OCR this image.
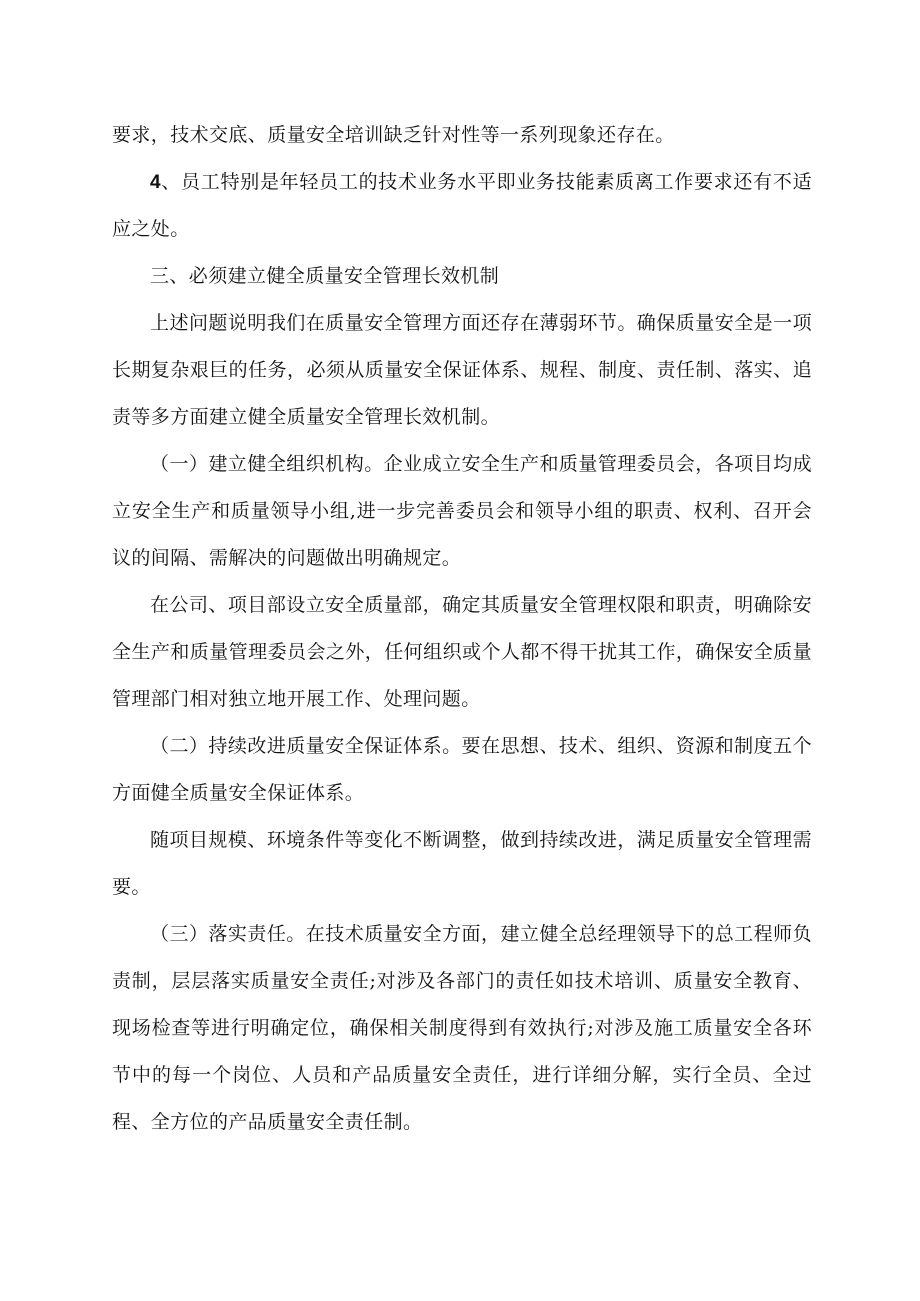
要求，技术交底、质量安全培训缺乏针对性等一系列现象还存在。

4、员工特别是年轻员工的技术业务水平即业务技能素质离工作要求还有不适应之处。

三、必须建立健全质量安全管理长效机制

上述问题说明我们在质量安全管理方面还存在薄弱环节。确保质量安全是一项长期复杂艰巨的任务，必须从质量安全保证体系、规程、制度、责任制、落实、追责等多方面建立健全质量安全管理长效机制。

（一）建立健全组织机构。企业成立安全生产和质量管理委员会，各项目均成立安全生产和质量领导小组,进一步完善委员会和领导小组的职责、权利、召开会议的间隔、需解决的问题做出明确规定。

在公司、项目部设立安全质量部，确定其质量安全管理权限和职责，明确除安全生产和质量管理委员会之外，任何组织或个人都不得干扰其工作，确保安全质量管理部门相对独立地开展工作、处理问题。

（二）持续改进质量安全保证体系。要在思想、技术、组织、资源和制度五个方面健全质量安全保证体系。

随项目规模、环境条件等变化不断调整，做到持续改进，满足质量安全管理需要。

（三）落实责任。在技术质量安全方面，建立健全总经理领导下的总工程师负责制，层层落实质量安全责任;对涉及各部门的责任如技术培训、质量安全教育、现场检查等进行明确定位，确保相关制度得到有效执行;对涉及施工质量安全各环节中的每一个岗位、人员和产品质量安全责任，进行详细分解，实行全员、全过程、全方位的产品质量安全责任制。
